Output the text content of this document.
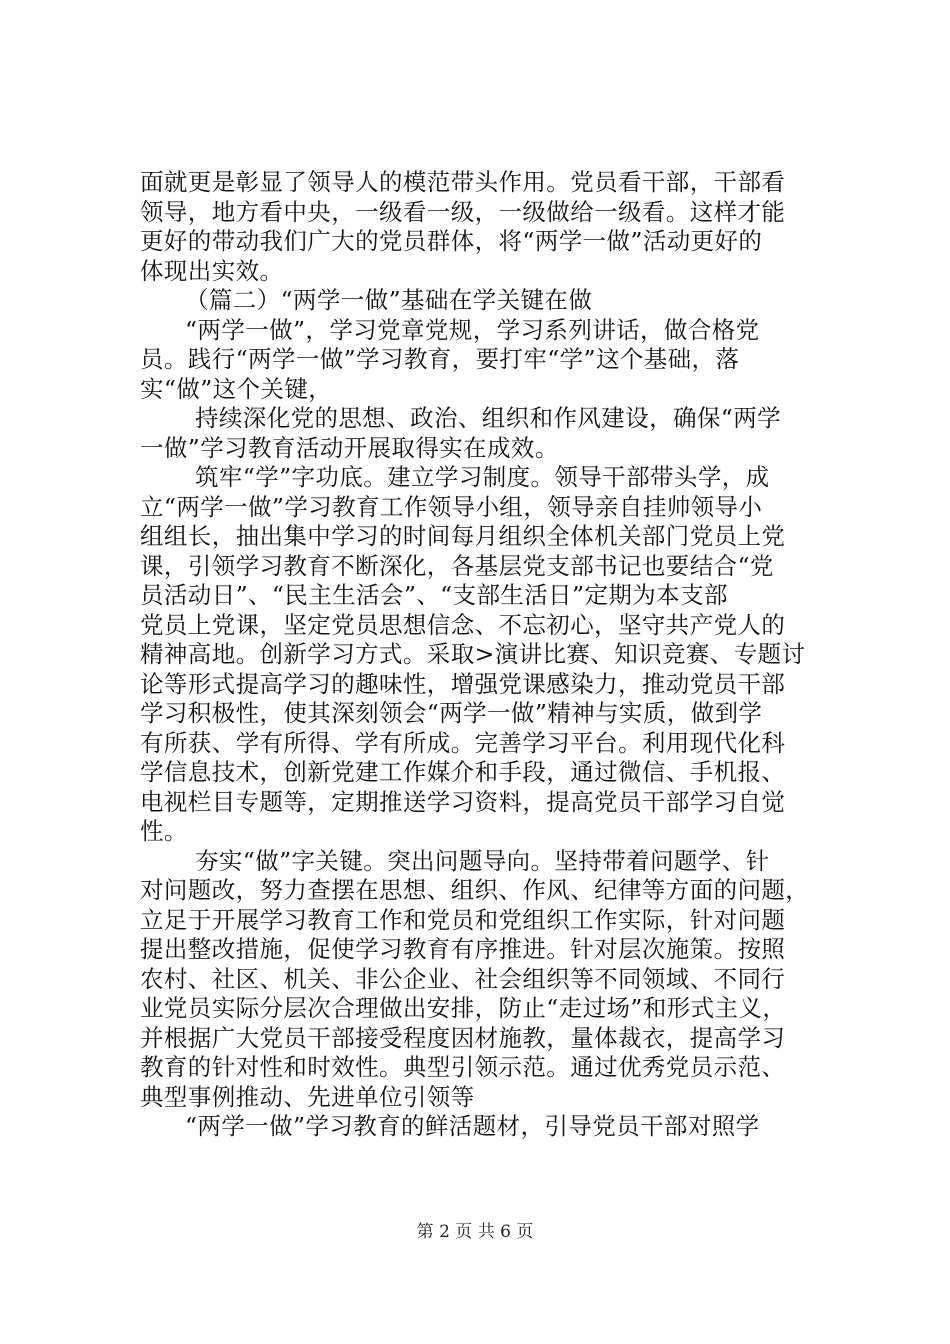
面就更是彰显了领导人的模范带头作用。党员看干部，干部看
领导，地方看中央，一级看一级，一级做给一级看。这样才能
更好的带动我们广大的党员群体，将“两学一做”活动更好的
体现出实效。
（篇二）“两学一做”基础在学关键在做
“两学一做”，学习党章党规，学习系列讲话，做合格党
员。践行“两学一做”学习教育，要打牢“学”这个基础，落
实“做”这个关键，
持续深化党的思想、政治、组织和作风建设，确保“两学
一做”学习教育活动开展取得实在成效。
筑牢“学”字功底。建立学习制度。领导干部带头学，成
立“两学一做”学习教育工作领导小组，领导亲自挂帅领导小
组组长，抽出集中学习的时间每月组织全体机关部门党员上党
课，引领学习教育不断深化，各基层党支部书记也要结合“党
员活动日”、“民主生活会”、“支部生活日”定期为本支部
党员上党课，坚定党员思想信念、不忘初心，坚守共产党人的
精神高地。创新学习方式。采取>演讲比赛、知识竞赛、专题讨
论等形式提高学习的趣味性，增强党课感染力，推动党员干部
学习积极性，使其深刻领会“两学一做”精神与实质，做到学
有所获、学有所得、学有所成。完善学习平台。利用现代化科
学信息技术，创新党建工作媒介和手段，通过微信、手机报、
电视栏目专题等，定期推送学习资料，提高党员干部学习自觉
性。
夯实“做”字关键。突出问题导向。坚持带着问题学、针
对问题改，努力查摆在思想、组织、作风、纪律等方面的问题，
立足于开展学习教育工作和党员和党组织工作实际，针对问题
提出整改措施，促使学习教育有序推进。针对层次施策。按照
农村、社区、机关、非公企业、社会组织等不同领域、不同行
业党员实际分层次合理做出安排，防止“走过场”和形式主义，
并根据广大党员干部接受程度因材施教，量体裁衣，提高学习
教育的针对性和时效性。典型引领示范。通过优秀党员示范、
典型事例推动、先进单位引领等
“两学一做”学习教育的鲜活题材，引导党员干部对照学
第 2 页 共 6 页
